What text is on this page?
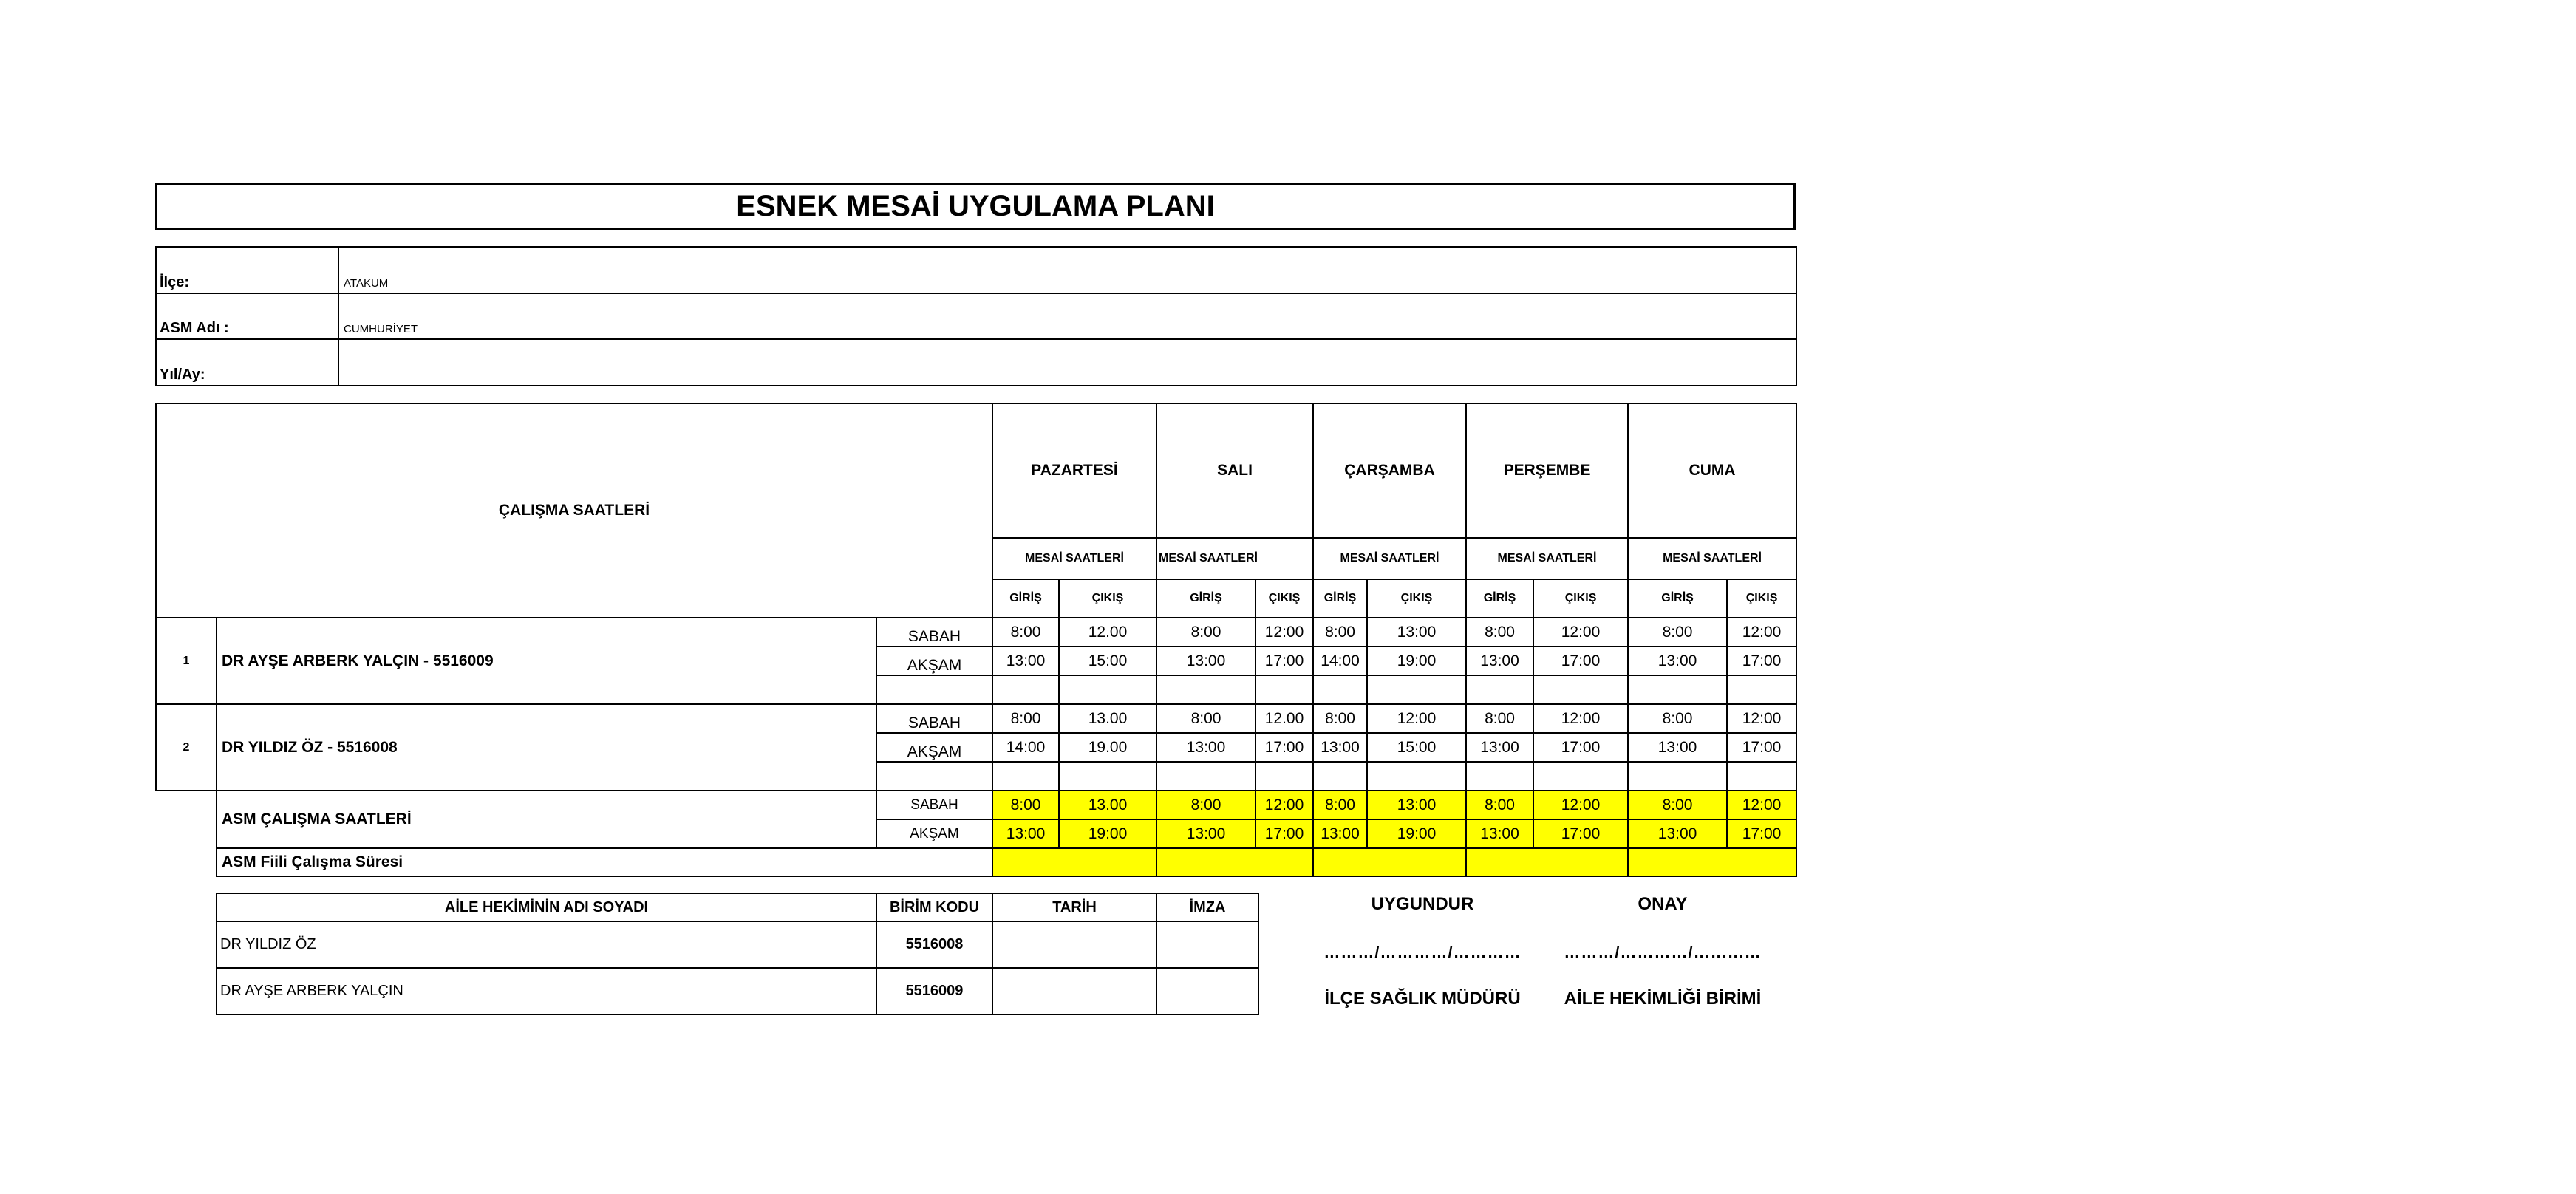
ESNEK MESAİ UYGULAMA PLANI
İlçe:	ATAKUM
ASM Adı :	CUMHURİYET
Yıl/Ay:	
ÇALIŞMA SAATLERİ			PAZARTESİ		SALI		ÇARŞAMBA		PERŞEMBE		CUMA	
			MESAİ SAATLERİ		MESAİ SAATLERİ		MESAİ SAATLERİ		MESAİ SAATLERİ		MESAİ SAATLERİ	
			GİRİŞ	ÇIKIŞ	GİRİŞ	ÇIKIŞ	GİRİŞ	ÇIKIŞ	GİRİŞ	ÇIKIŞ	GİRİŞ	ÇIKIŞ
1	DR AYŞE ARBERK YALÇIN - 5516009	SABAH	8:00	12.00	8:00	12:00	8:00	13:00	8:00	12:00	8:00	12:00
		AKŞAM	13:00	15:00	13:00	17:00	14:00	19:00	13:00	17:00	13:00	17:00

2	DR YILDIZ ÖZ - 5516008	SABAH	8:00	13.00	8:00	12.00	8:00	12:00	8:00	12:00	8:00	12:00
		AKŞAM	14:00	19.00	13:00	17:00	13:00	15:00	13:00	17:00	13:00	17:00

	ASM ÇALIŞMA SAATLERİ	SABAH	8:00	13.00	8:00	12:00	8:00	13:00	8:00	12:00	8:00	12:00
		AKŞAM	13:00	19:00	13:00	17:00	13:00	19:00	13:00	17:00	13:00	17:00
	ASM Fiili Çalışma Süresi											
AİLE HEKİMİNİN ADI SOYADI	BİRİM KODU	TARİH	İMZA
DR YILDIZ ÖZ	5516008		
DR AYŞE ARBERK YALÇIN	5516009		
UYGUNDUR	ONAY
………/…………/…………	………/…………/…………
İLÇE SAĞLIK MÜDÜRÜ	AİLE HEKİMLİĞİ BİRİMİ
